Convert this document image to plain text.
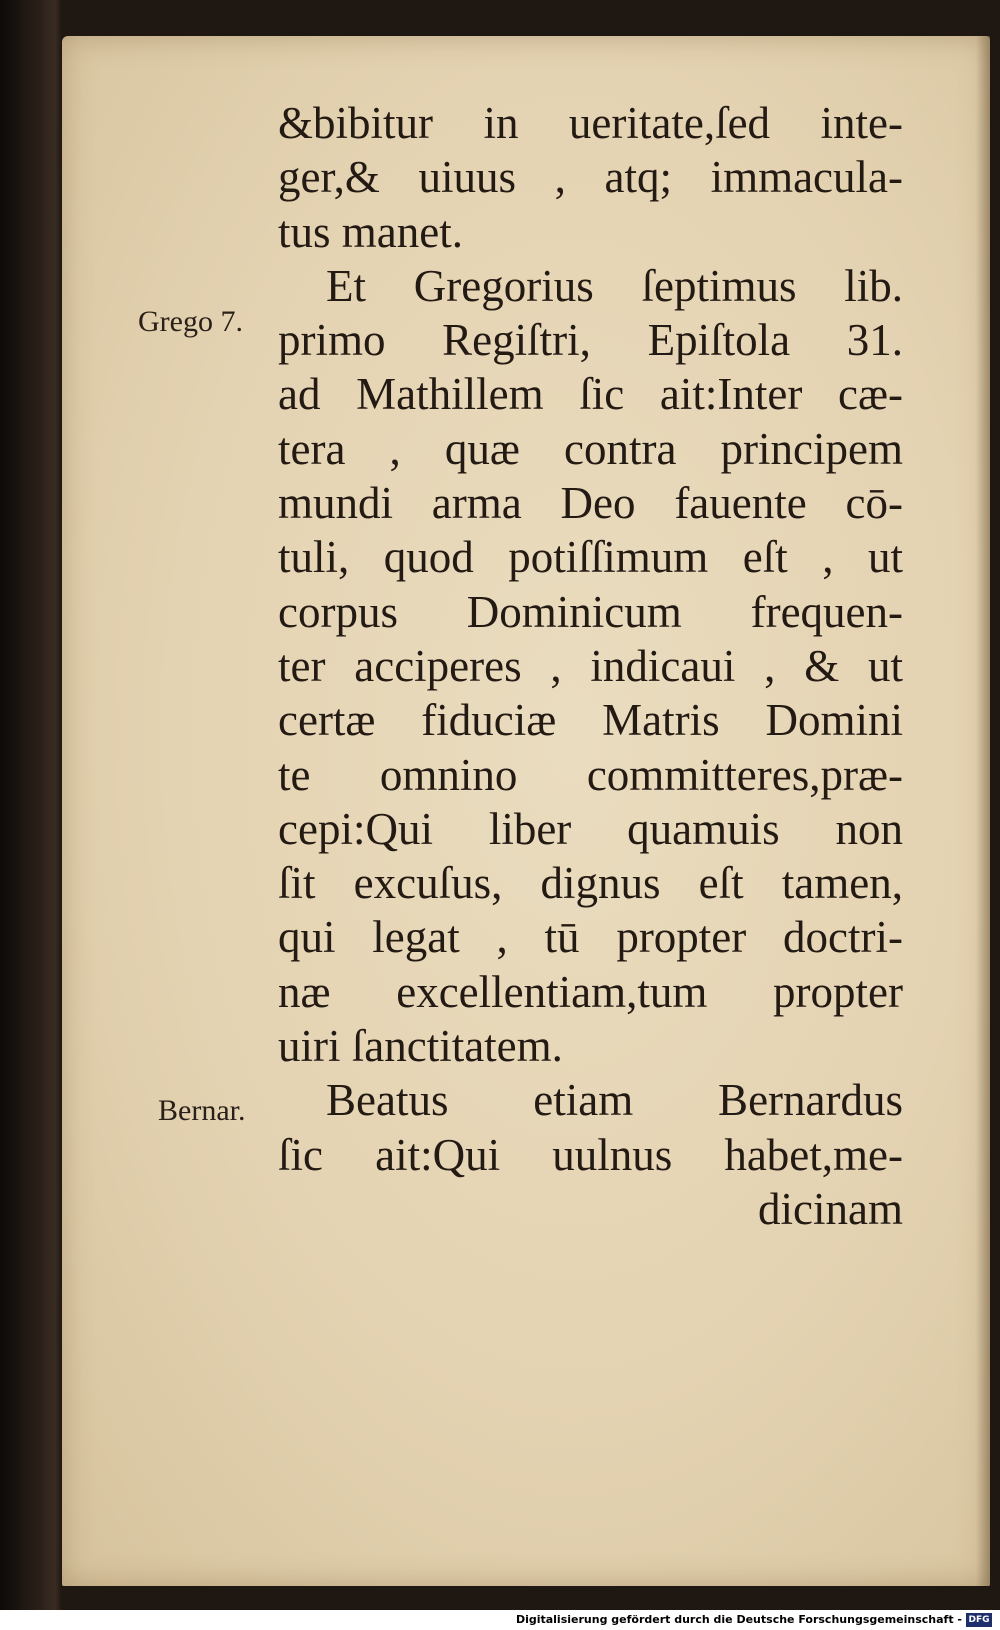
Grego 7.
Bernar.
&bibitur in ueritate,ſed inte-
ger,& uiuus , atq; immacula-
tus manet.
Et Gregorius ſeptimus lib.
primo Regiſtri, Epiſtola 31.
ad Mathillem ſic ait:Inter cæ-
tera , quæ contra principem
mundi arma Deo fauente cō-
tuli, quod potiſſimum eſt , ut
corpus Dominicum frequen-
ter acciperes , indicaui , & ut
certæ fiduciæ Matris Domini
te omnino committeres,præ-
cepi:Qui liber quamuis non
ſit excuſus, dignus eſt tamen,
qui legat , tū propter doctri-
næ excellentiam,tum propter
uiri ſanctitatem.
Beatus etiam Bernardus
ſic ait:Qui uulnus habet,me-
dicinam
Digitalisierung gefördert durch die Deutsche Forschungsgemeinschaft - DFG
